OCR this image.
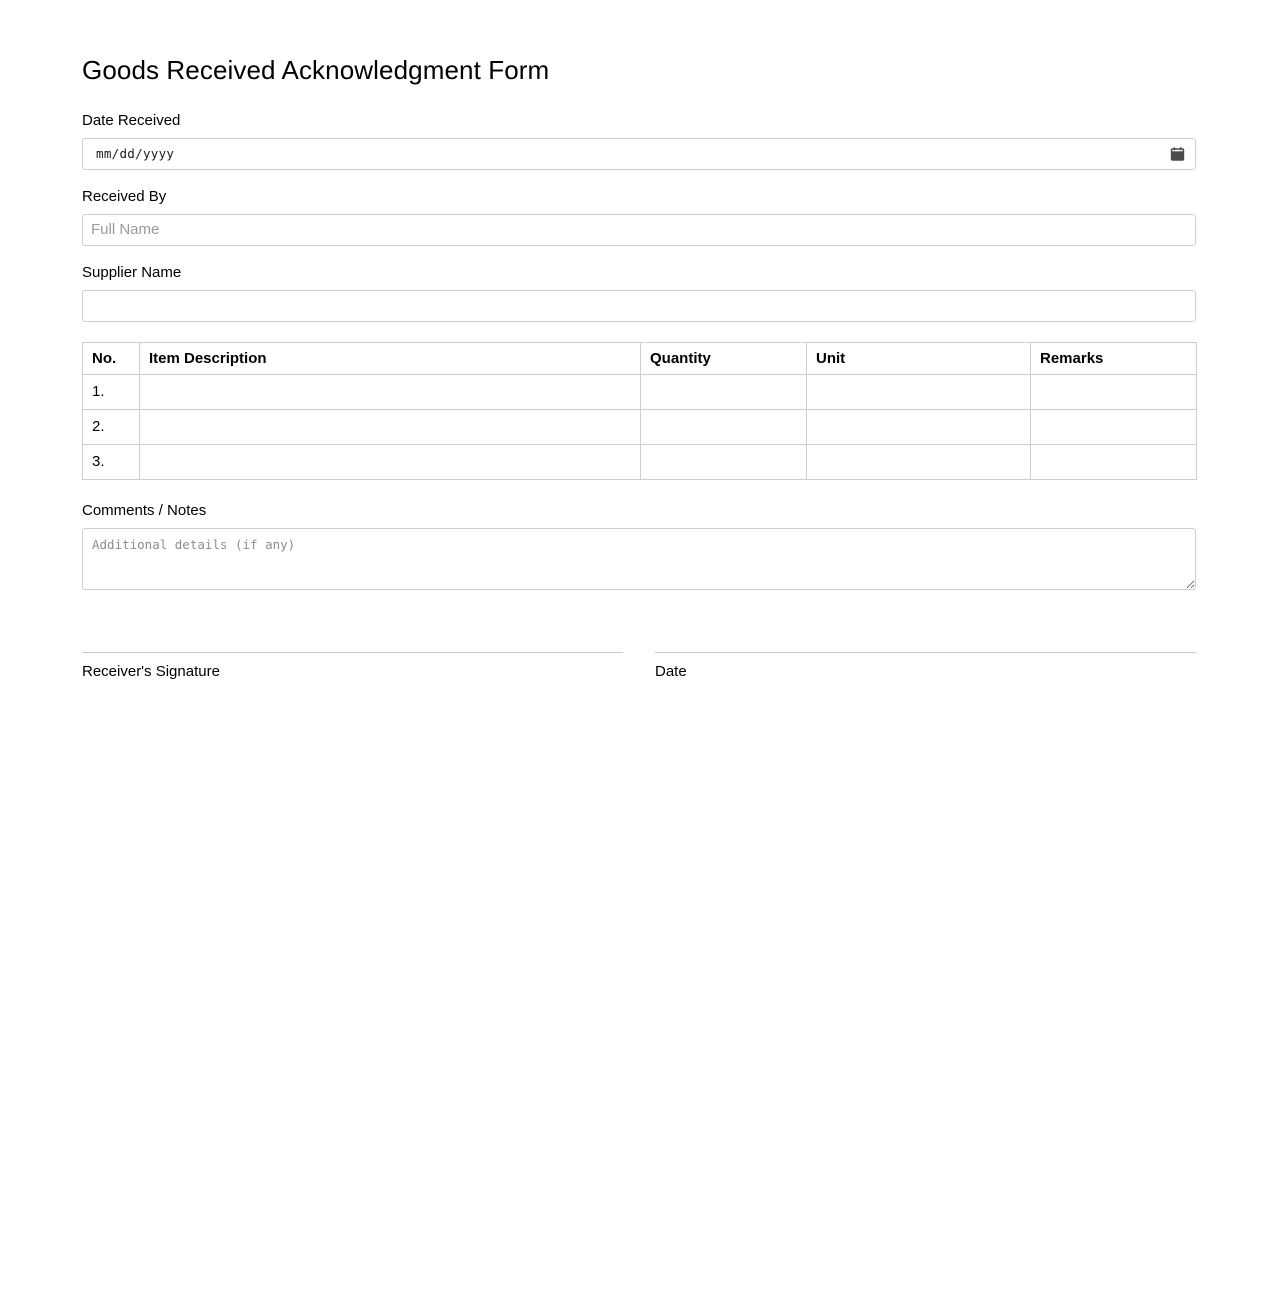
Goods Received Acknowledgment Form
Date Received
mm/dd/yyyy
Received By
Full Name
Supplier Name
No.	Item Description	Quantity	Unit	Remarks
1.				
2.				
3.				
Comments / Notes
Additional details (if any)
Receiver's Signature	Date
